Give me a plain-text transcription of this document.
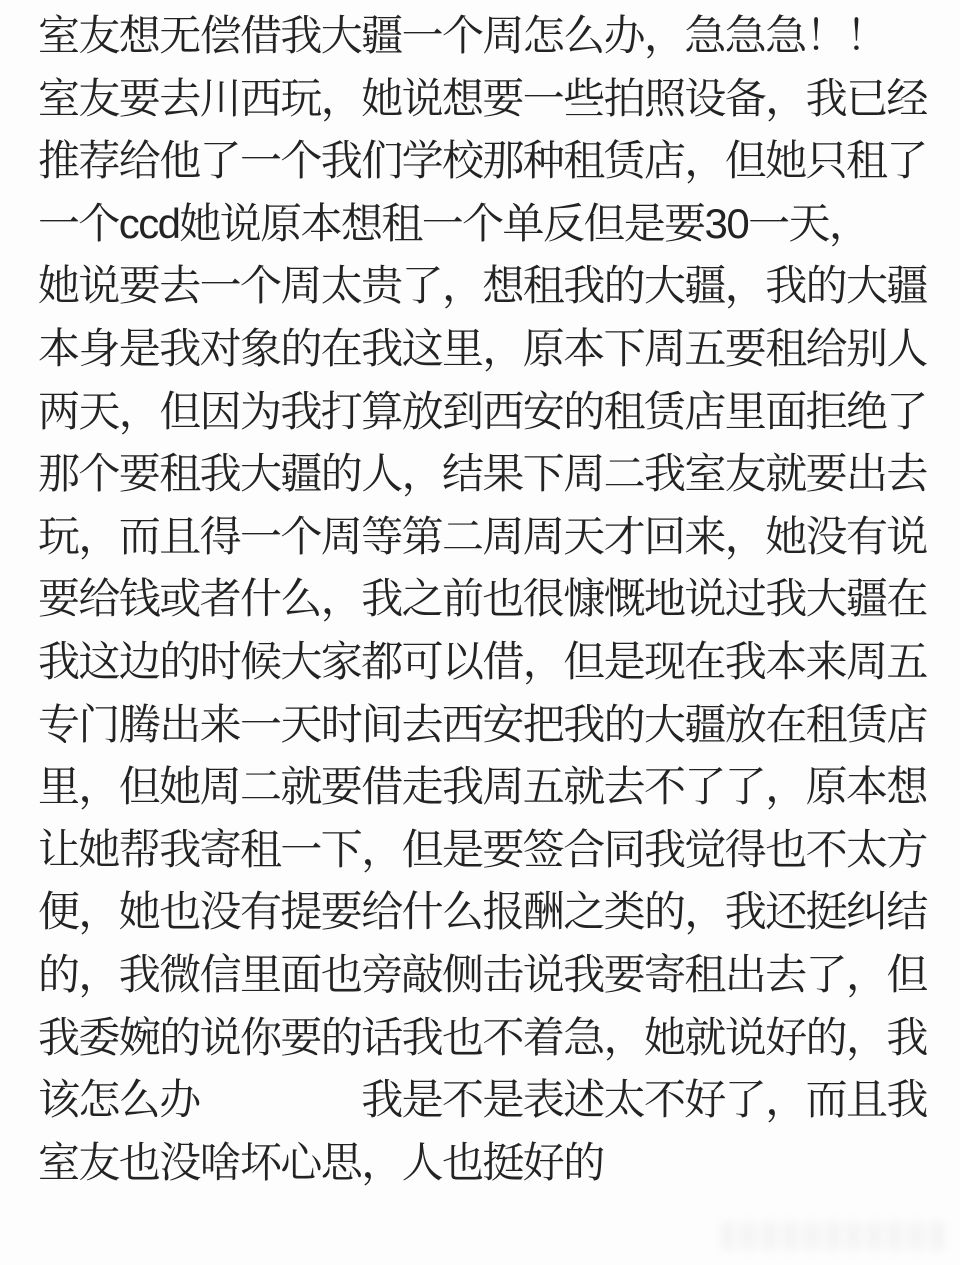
室友想无偿借我大疆一个周怎么办，急急急！！
室友要去川西玩，她说想要一些拍照设备，我已经
推荐给他了一个我们学校那种租赁店，但她只租了
一个ccd她说原本想租一个单反但是要30一天，
她说要去一个周太贵了，想租我的大疆，我的大疆
本身是我对象的在我这里，原本下周五要租给别人
两天，但因为我打算放到西安的租赁店里面拒绝了
那个要租我大疆的人，结果下周二我室友就要出去
玩，而且得一个周等第二周周天才回来，她没有说
要给钱或者什么，我之前也很慷慨地说过我大疆在
我这边的时候大家都可以借，但是现在我本来周五
专门腾出来一天时间去西安把我的大疆放在租赁店
里，但她周二就要借走我周五就去不了了，原本想
让她帮我寄租一下，但是要签合同我觉得也不太方
便，她也没有提要给什么报酬之类的，我还挺纠结
的，我微信里面也旁敲侧击说我要寄租出去了，但
我委婉的说你要的话我也不着急，她就说好的，我
该怎么办　　　　我是不是表述太不好了，而且我
室友也没啥坏心思，人也挺好的
